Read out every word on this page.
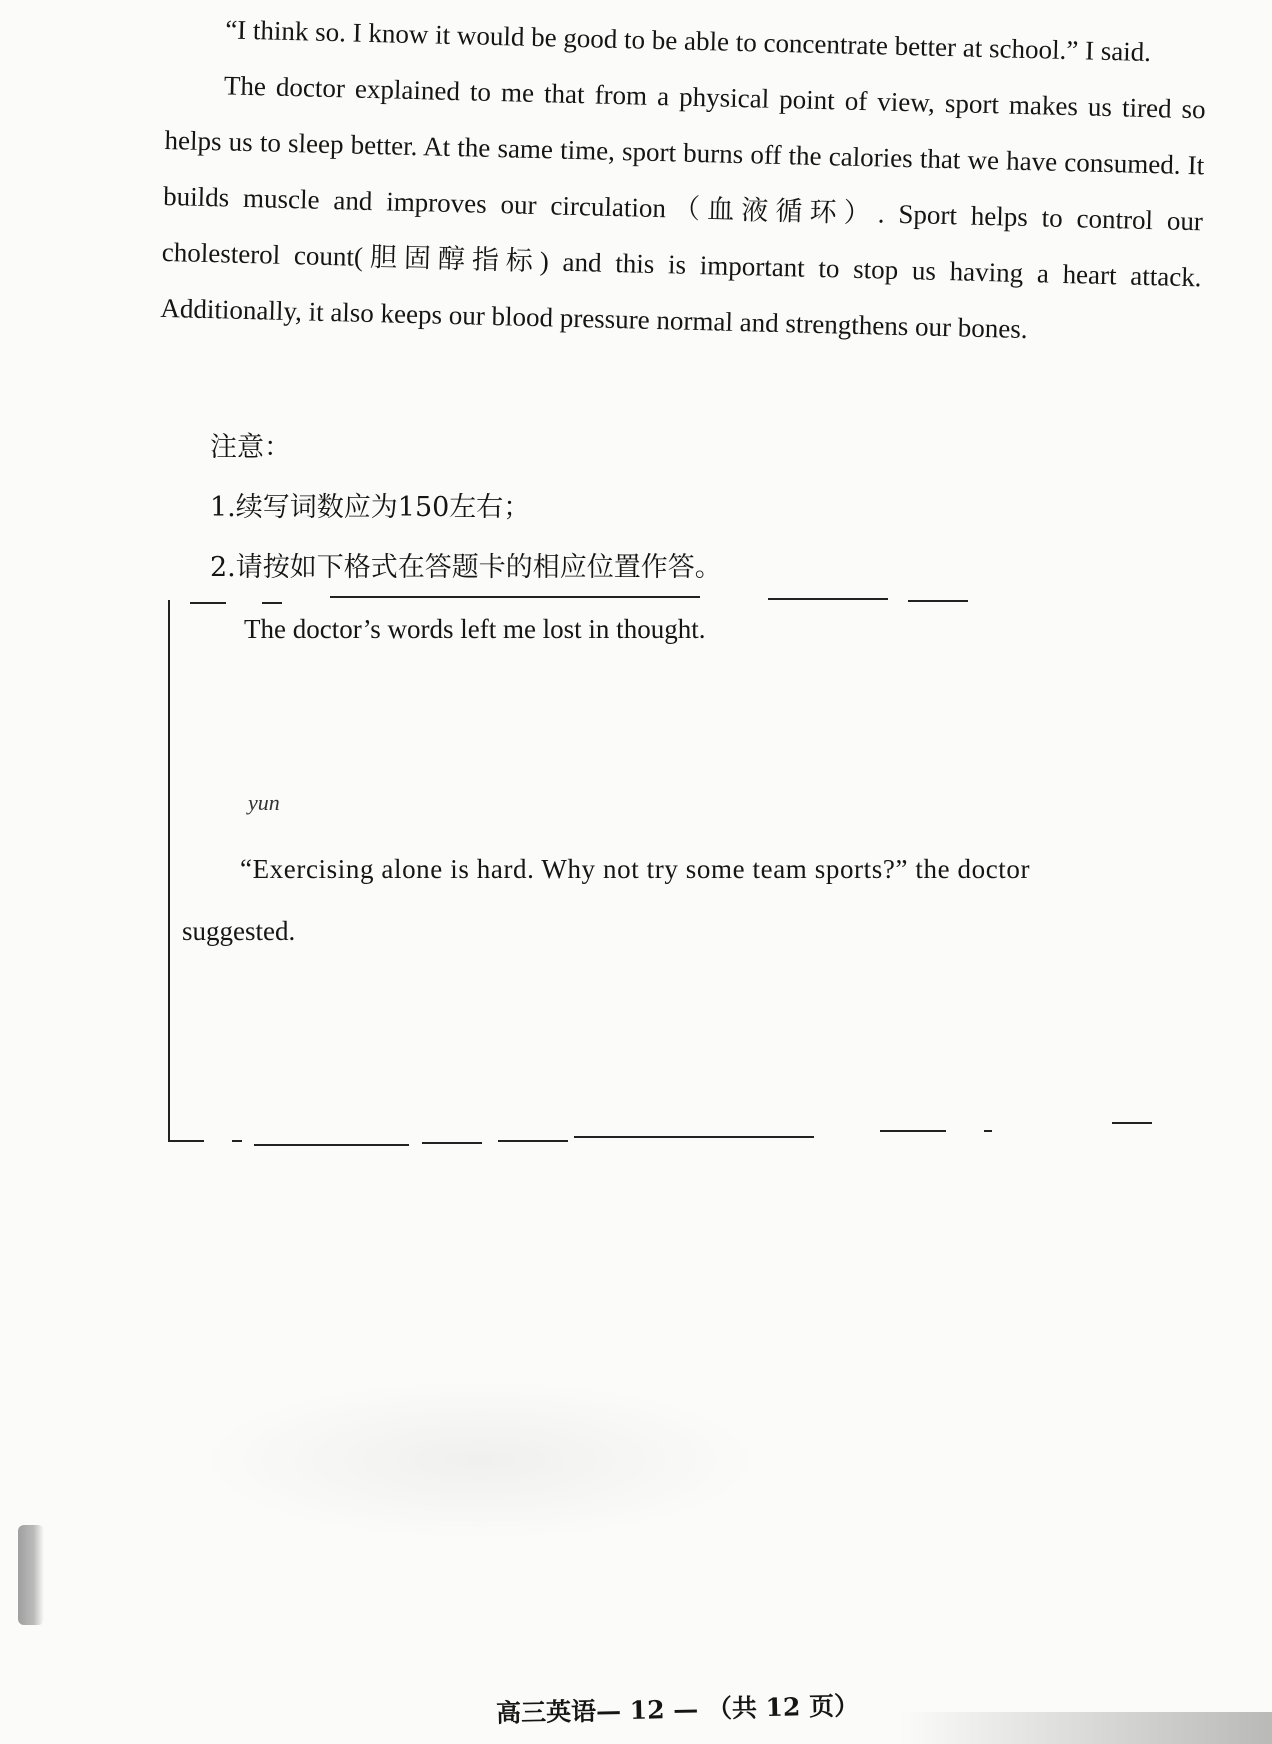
“I think so. I know it would be good to be able to concentrate better at school.” I said.

The doctor explained to me that from a physical point of view, sport makes us tired so helps us to sleep better. At the same time, sport burns off the calories that we have consumed. It builds muscle and improves our circulation（血液循环）. Sport helps to control our cholesterol count(胆固醇指标) and this is important to stop us having a heart attack. Additionally, it also keeps our blood pressure normal and strengthens our bones.

注意：
1.续写词数应为150左右；
2.请按如下格式在答题卡的相应位置作答。
The doctor’s words left me lost in thought.
yun
“Exercising alone is hard. Why not try some team sports?” the doctor
suggested.
高三英语— 12 — （共 12 页）
